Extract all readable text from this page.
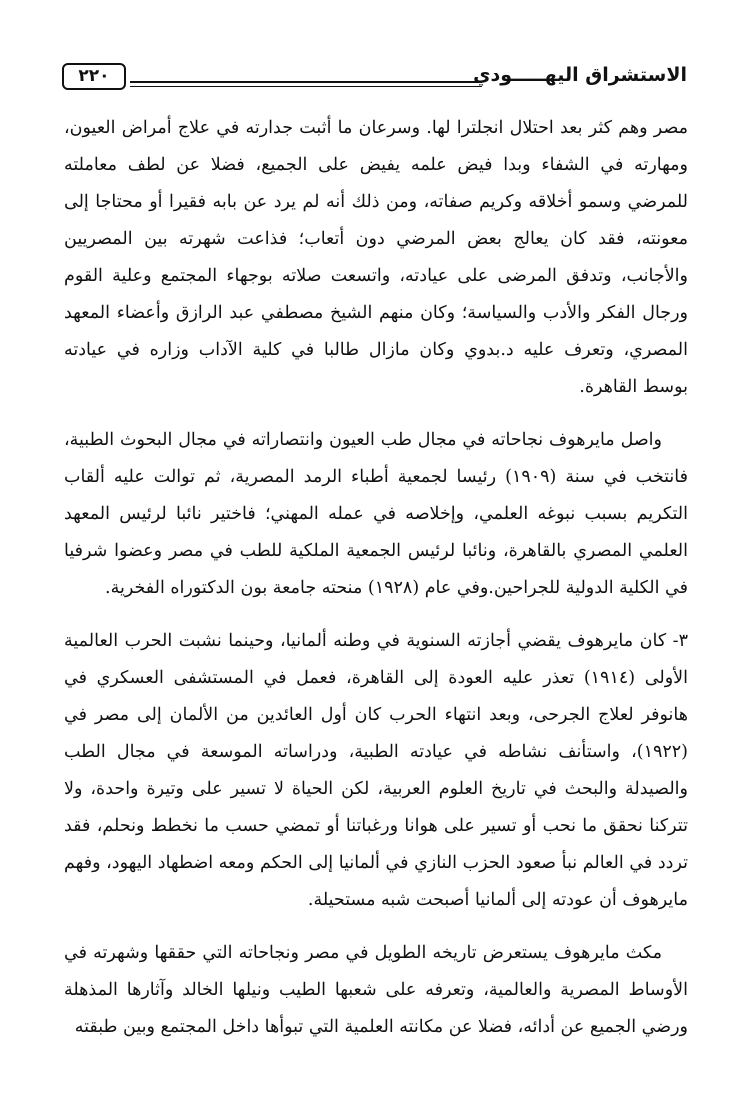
٢٢٠	الاستشراق اليهـــــودي

مصر وهم كثر بعد احتلال انجلترا لها. وسرعان ما أثبت جدارته في علاج أمراض العيون، ومهارته في الشفاء وبدا فيض علمه يفيض على الجميع، فضلا عن لطف معاملته للمرضي وسمو أخلاقه وكريم صفاته، ومن ذلك أنه لم يرد عن بابه فقيرا أو محتاجا إلى معونته، فقد كان يعالج بعض المرضي دون أتعاب؛ فذاعت شهرته بين المصريين والأجانب، وتدفق المرضى على عيادته، واتسعت صلاته بوجهاء المجتمع وعلية القوم ورجال الفكر والأدب والسياسة؛ وكان منهم الشيخ مصطفي عبد الرازق وأعضاء المعهد المصري، وتعرف عليه د.بدوي وكان مازال طالبا في كلية الآداب وزاره في عيادته بوسط القاهرة.

واصل مايرهوف نجاحاته في مجال طب العيون وانتصاراته في مجال البحوث الطبية، فانتخب في سنة (١٩٠٩) رئيسا لجمعية أطباء الرمد المصرية، ثم توالت عليه ألقاب التكريم بسبب نبوغه العلمي، وإخلاصه في عمله المهني؛ فاختير نائبا لرئيس المعهد العلمي المصري بالقاهرة، ونائبا لرئيس الجمعية الملكية للطب في مصر وعضوا شرفيا في الكلية الدولية للجراحين.وفي عام (١٩٢٨) منحته جامعة بون الدكتوراه الفخرية.

٣- كان مايرهوف يقضي أجازته السنوية في وطنه ألمانيا، وحينما نشبت الحرب العالمية الأولى (١٩١٤) تعذر عليه العودة إلى القاهرة، فعمل في المستشفى العسكري في هانوفر لعلاج الجرحى، وبعد انتهاء الحرب كان أول العائدين من الألمان إلى مصر في (١٩٢٢)، واستأنف نشاطه في عيادته الطبية، ودراساته الموسعة في مجال الطب والصيدلة والبحث في تاريخ العلوم العربية، لكن الحياة لا تسير على وتيرة واحدة، ولا تتركنا نحقق ما نحب أو تسير على هوانا ورغباتنا أو تمضي حسب ما نخطط ونحلم، فقد تردد في العالم نبأ صعود الحزب النازي في ألمانيا إلى الحكم ومعه اضطهاد اليهود، وفهم مايرهوف أن عودته إلى ألمانيا أصبحت شبه مستحيلة.

مكث مايرهوف يستعرض تاريخه الطويل في مصر ونجاحاته التي حققها وشهرته في الأوساط المصرية والعالمية، وتعرفه على شعبها الطيب ونيلها الخالد وآثارها المذهلة ورضي الجميع عن أدائه، فضلا عن مكانته العلمية التي تبوأها داخل المجتمع وبين طبقته
